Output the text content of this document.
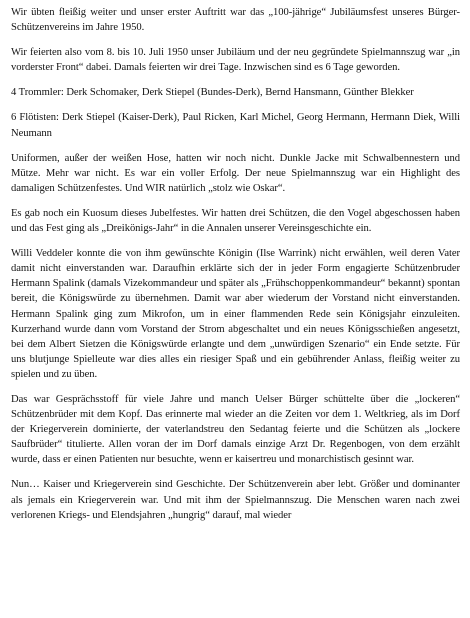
Wir übten fleißig weiter und unser erster Auftritt war das „100-jährige“ Jubiläumsfest unseres Bürger-Schützenvereins im Jahre 1950.

Wir feierten also vom 8. bis 10. Juli 1950 unser Jubiläum und der neu gegründete Spielmannszug war „in vorderster Front“ dabei. Damals feierten wir drei Tage. Inzwischen sind es 6 Tage geworden.

4 Trommler: Derk Schomaker, Derk Stiepel (Bundes-Derk), Bernd Hansmann, Günther Blekker

6 Flötisten: Derk Stiepel (Kaiser-Derk), Paul Ricken, Karl Michel, Georg Hermann, Hermann Diek, Willi Neumann

Uniformen, außer der weißen Hose, hatten wir noch nicht. Dunkle Jacke mit Schwalbennestern und Mütze. Mehr war nicht. Es war ein voller Erfolg. Der neue Spielmannszug war ein Highlight des damaligen Schützenfestes. Und WIR natürlich „stolz wie Oskar“.

Es gab noch ein Kuosum dieses Jubelfestes. Wir hatten drei Schützen, die den Vogel abgeschossen haben und das Fest ging als „Dreikönigs-Jahr“ in die Annalen unserer Vereinsgeschichte ein.

Willi Veddeler konnte die von ihm gewünschte Königin (Ilse Warrink) nicht erwählen, weil deren Vater damit nicht einverstanden war. Daraufhin erklärte sich der in jeder Form engagierte Schützenbruder Hermann Spalink (damals Vizekommandeur und später als „Frühschoppenkommandeur“ bekannt) spontan bereit, die Königswürde zu übernehmen. Damit war aber wiederum der Vorstand nicht einverstanden. Hermann Spalink ging zum Mikrofon, um in einer flammenden Rede sein Königsjahr einzuleiten. Kurzerhand wurde dann vom Vorstand der Strom abgeschaltet und ein neues Königsschießen angesetzt, bei dem Albert Sietzen die Königswürde erlangte und dem „unwürdigen Szenario“ ein Ende setzte. Für uns blutjunge Spielleute war dies alles ein riesiger Spaß und ein gebührender Anlass, fleißig weiter zu spielen und zu üben.

Das war Gesprächsstoff für viele Jahre und manch Uelser Bürger schüttelte über die „lockeren“ Schützenbrüder mit dem Kopf. Das erinnerte mal wieder an die Zeiten vor dem 1. Weltkrieg, als im Dorf der Kriegerverein dominierte, der vaterlandstreu den Sedantag feierte und die Schützen als „lockere Saufbrüder“ titulierte. Allen voran der im Dorf damals einzige Arzt Dr. Regenbogen, von dem erzählt wurde, dass er einen Patienten nur besuchte, wenn er kaisertreu und monarchistisch gesinnt war.

Nun… Kaiser und Kriegerverein sind Geschichte. Der Schützenverein aber lebt. Größer und dominanter als jemals ein Kriegerverein war. Und mit ihm der Spielmannszug. Die Menschen waren nach zwei verlorenen Kriegs- und Elendsjahren „hungrig“ darauf, mal wieder
